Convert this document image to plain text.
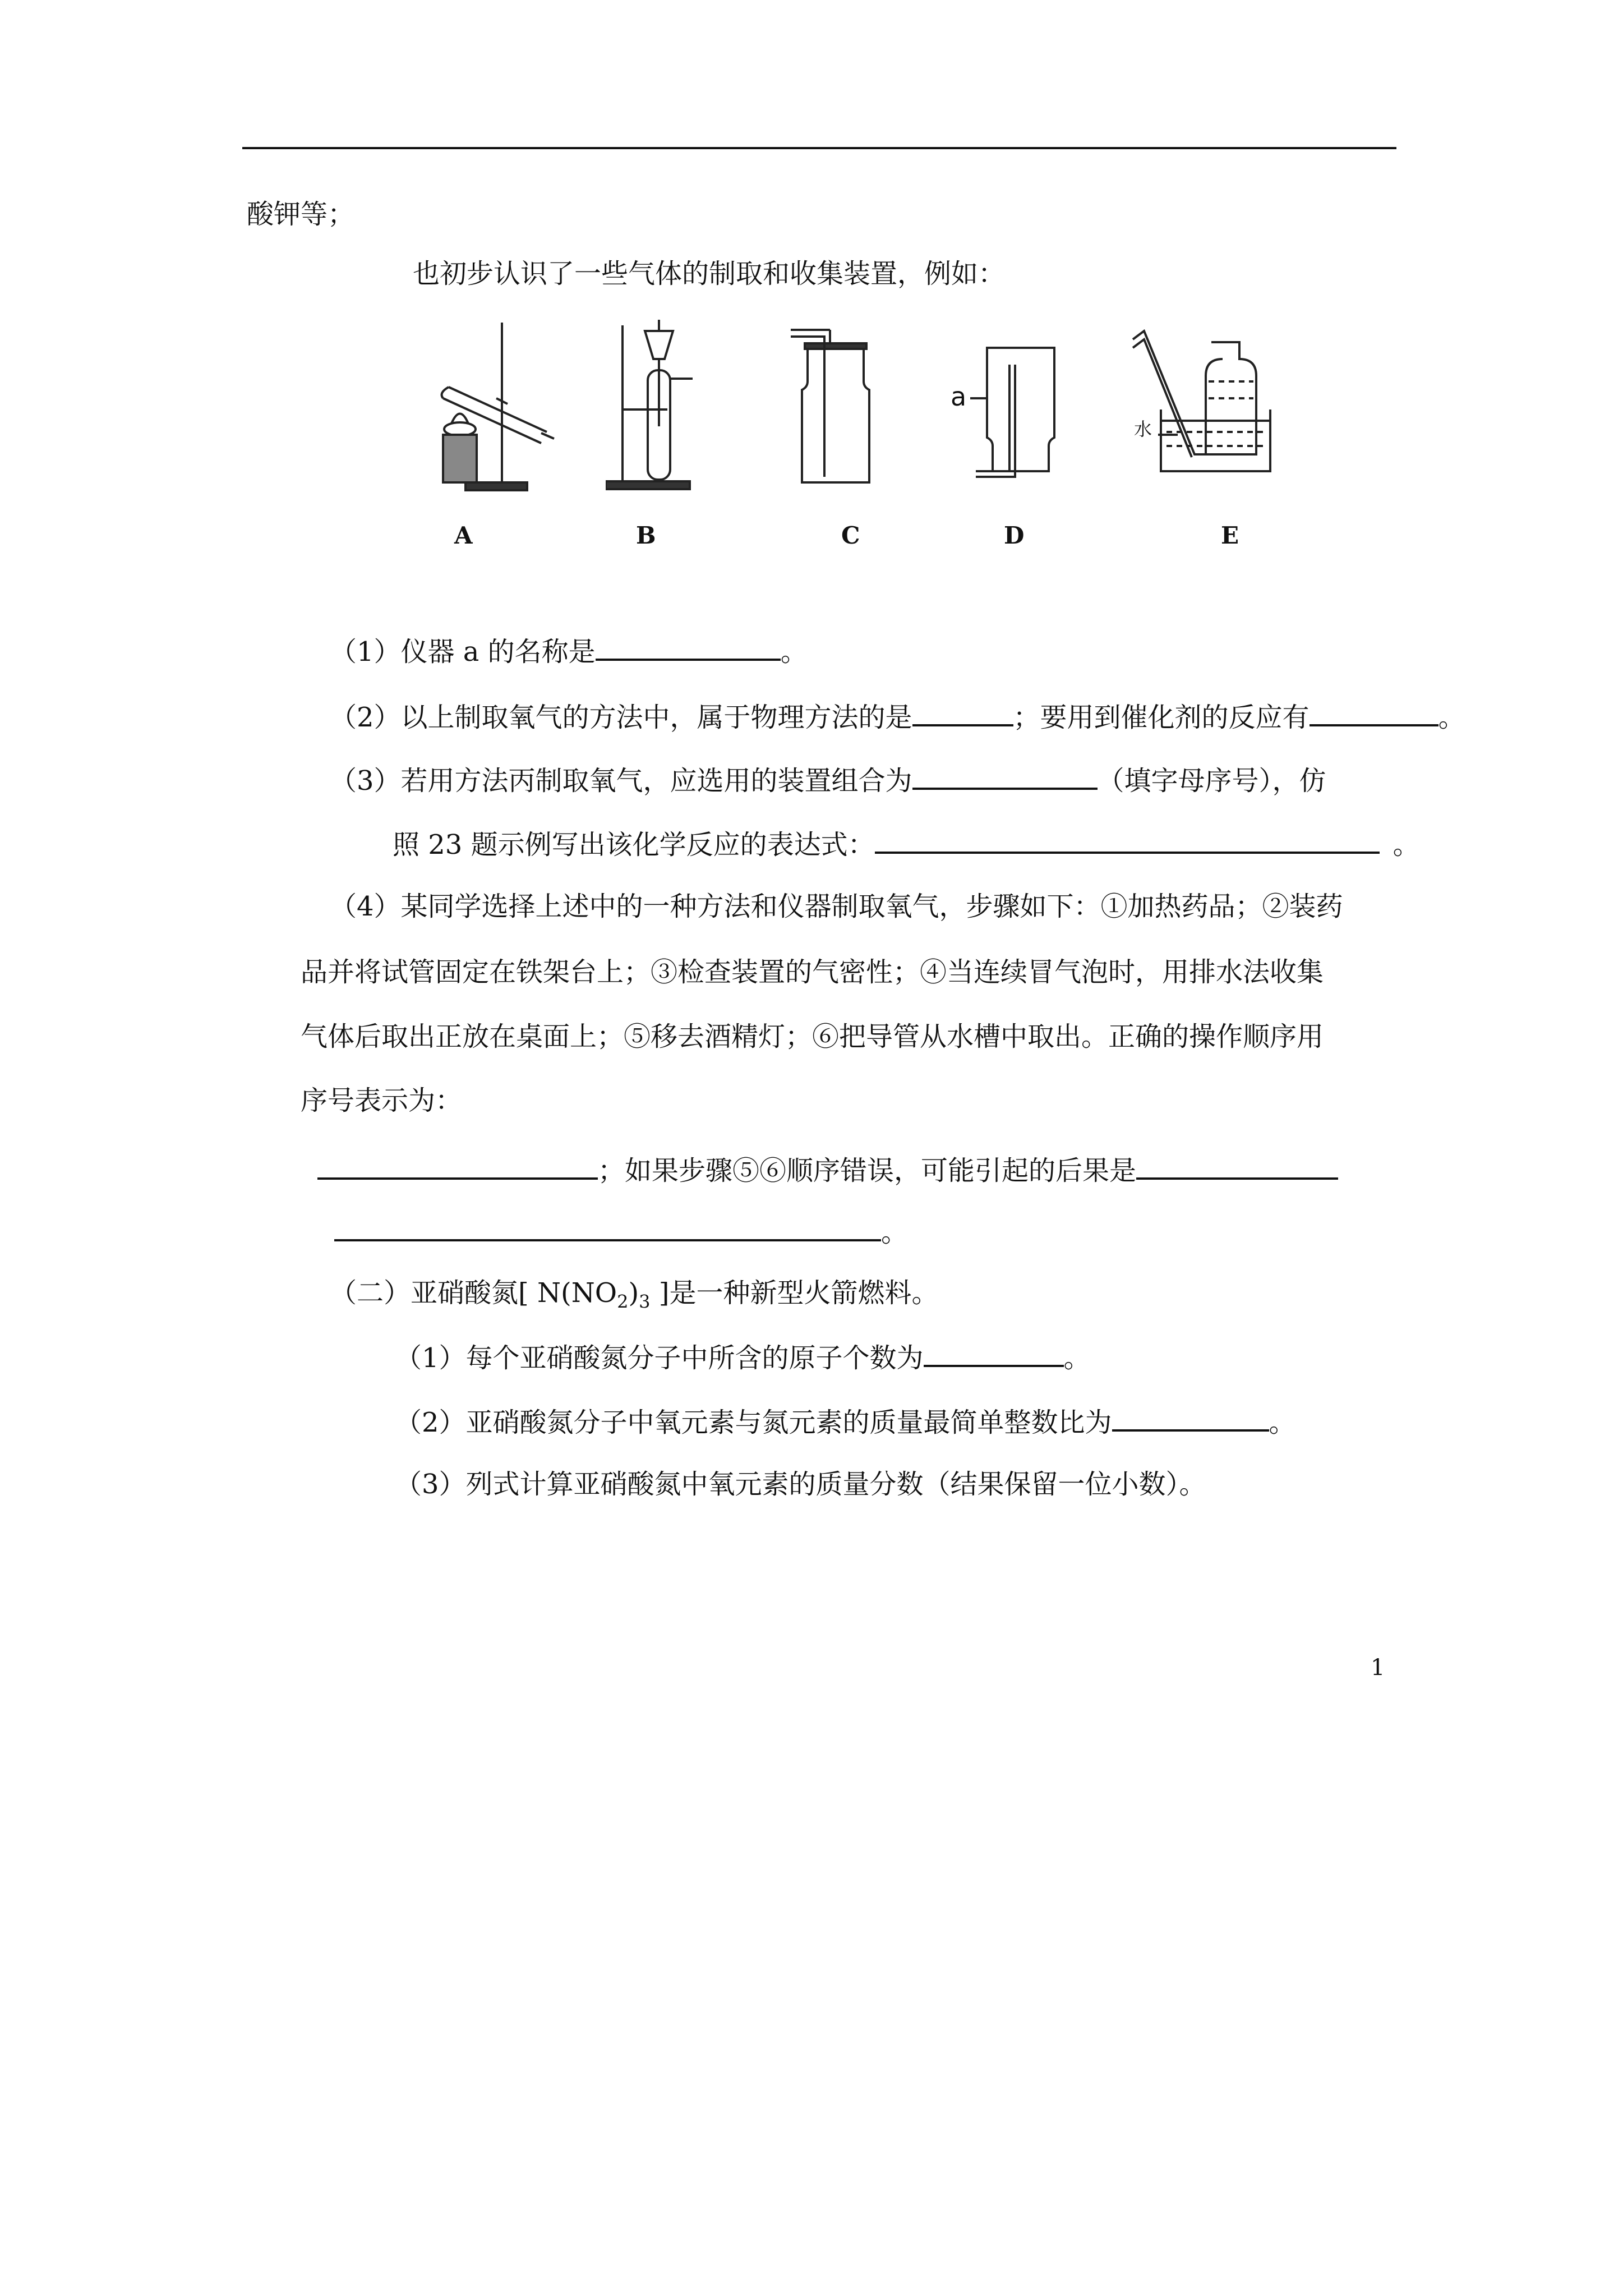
酸钾等；
也初步认识了一些气体的制取和收集装置，例如：
A	B	C
a
D
水
E
（1）仪器 a 的名称是	。
（2）以上制取氧气的方法中，属于物理方法的是	；要用到催化剂的反应有	。
（3）若用方法丙制取氧气，应选用的装置组合为	（填字母序号），仿
照 23 题示例写出该化学反应的表达式：	。
（4）某同学选择上述中的一种方法和仪器制取氧气，步骤如下：①加热药品；②装药
品并将试管固定在铁架台上；③检查装置的气密性；④当连续冒气泡时，用排水法收集
气体后取出正放在桌面上；⑤移去酒精灯；⑥把导管从水槽中取出。正确的操作顺序用
序号表示为：
；如果步骤⑤⑥顺序错误，可能引起的后果是
。
（二）亚硝酸氮[ $N(NO_2)_3$ ]是一种新型火箭燃料。
（1）每个亚硝酸氮分子中所含的原子个数为	。
（2）亚硝酸氮分子中氧元素与氮元素的质量最简单整数比为	。
（3）列式计算亚硝酸氮中氧元素的质量分数（结果保留一位小数）。
1
